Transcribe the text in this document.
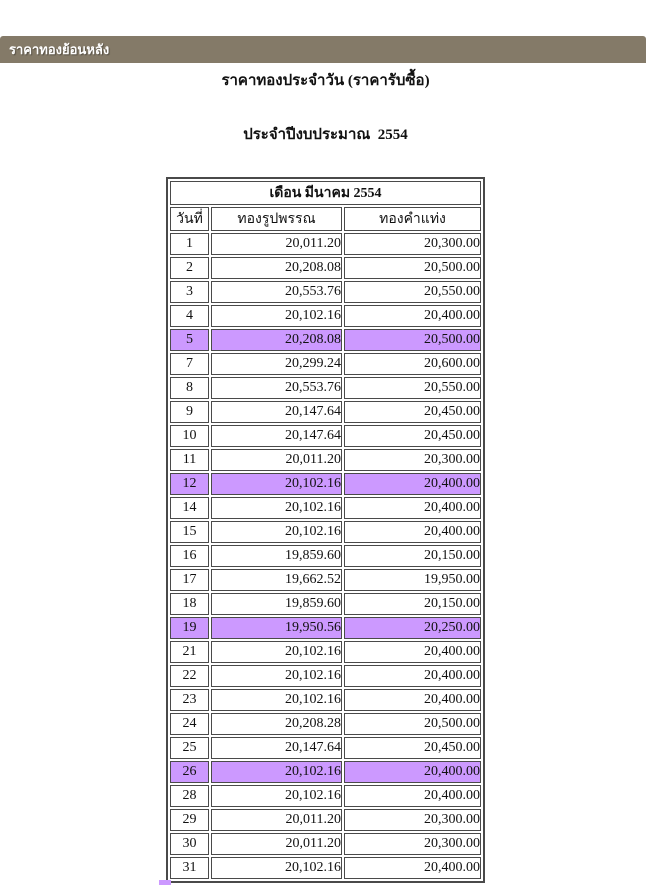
ราคาทองย้อนหลัง

ราคาทองประจำวัน (ราคารับซื้อ)

ประจำปีงบประมาณ  2554

เดือน มีนาคม 2554		
วันที่	ทองรูปพรรณ	ทองคำแท่ง
1	20,011.20	20,300.00
2	20,208.08	20,500.00
3	20,553.76	20,550.00
4	20,102.16	20,400.00
5	20,208.08	20,500.00
7	20,299.24	20,600.00
8	20,553.76	20,550.00
9	20,147.64	20,450.00
10	20,147.64	20,450.00
11	20,011.20	20,300.00
12	20,102.16	20,400.00
14	20,102.16	20,400.00
15	20,102.16	20,400.00
16	19,859.60	20,150.00
17	19,662.52	19,950.00
18	19,859.60	20,150.00
19	19,950.56	20,250.00
21	20,102.16	20,400.00
22	20,102.16	20,400.00
23	20,102.16	20,400.00
24	20,208.28	20,500.00
25	20,147.64	20,450.00
26	20,102.16	20,400.00
28	20,102.16	20,400.00
29	20,011.20	20,300.00
30	20,011.20	20,300.00
31	20,102.16	20,400.00
